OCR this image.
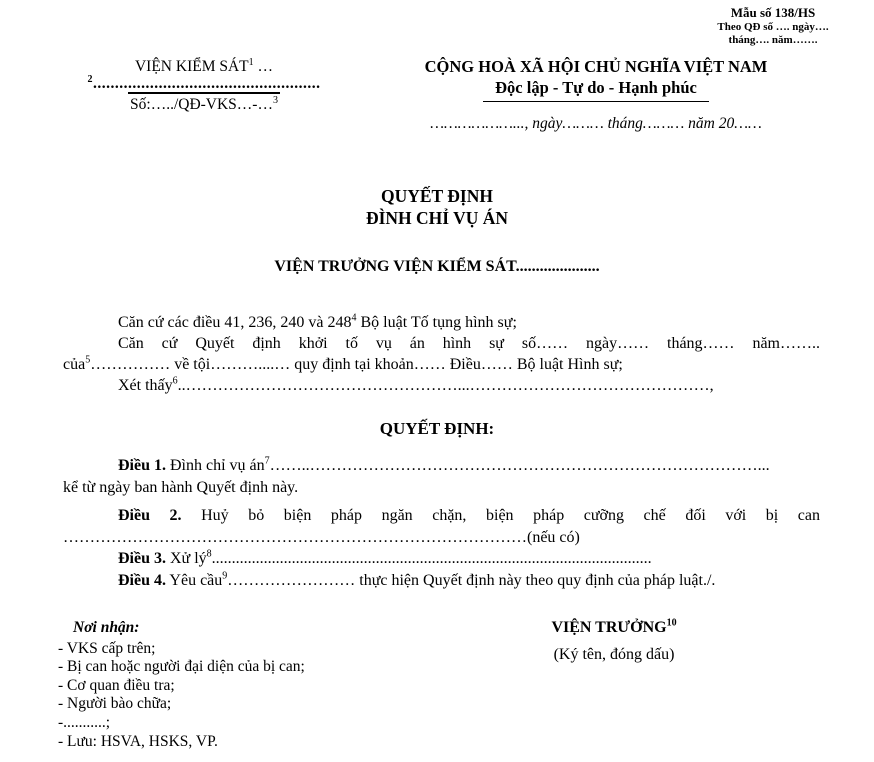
Mẫu số 138/HS
Theo QĐ số …. ngày….
tháng…. năm…….
VIỆN KIỂM SÁT$^1$ …
$^2$....................................................
Số:…../QĐ-VKS…-…$^3$
CỘNG HOÀ XÃ HỘI CHỦ NGHĨA VIỆT NAM
Độc lập - Tự do - Hạnh phúc
………………..., ngày……… tháng……… năm 20……
QUYẾT ĐỊNH
ĐÌNH CHỈ VỤ ÁN
VIỆN TRƯỞNG VIỆN KIỂM SÁT.....................
Căn cứ các điều 41, 236, 240 và $248^4$ Bộ luật Tố tụng hình sự;
Căn cứ Quyết định khởi tố vụ án hình sự số…… ngày…… tháng…… năm……..
của$^5$…………… về tội………....… quy định tại khoản…… Điều…… Bộ luật Hình sự;
Xét thấy$^6$..……………………………………………...………………………………………,
QUYẾT ĐỊNH:
Điều 1. Đình chỉ vụ $án^7\dots\dots..\dots\dots\dots\dots\dots\dots\dots\dots\dots\dots\dots\dots\dots\dots\dots\dots\dots\dots\dots\dots\dots\dots\dots\dots\dots\dots\dots\dots$...
kể từ ngày ban hành Quyết định này.
Điều 2. Huỷ bỏ biện pháp ngăn chặn, biện pháp cưỡng chế đối với bị can
……………………………………………………………………………(nếu có)
Điều 3. Xử $lý^8$..............................................................................................................
Điều 4. Yêu cầu$^9$…………………… thực hiện Quyết định này theo quy định của pháp luật./.
Nơi nhận:
- VKS cấp trên;
- Bị can hoặc người đại diện của bị can;
- Cơ quan điều tra;
- Người bào chữa;
-...........;
- Lưu: HSVA, HSKS, VP.
VIỆN TRƯỞNG$^{10}$
(Ký tên, đóng dấu)
